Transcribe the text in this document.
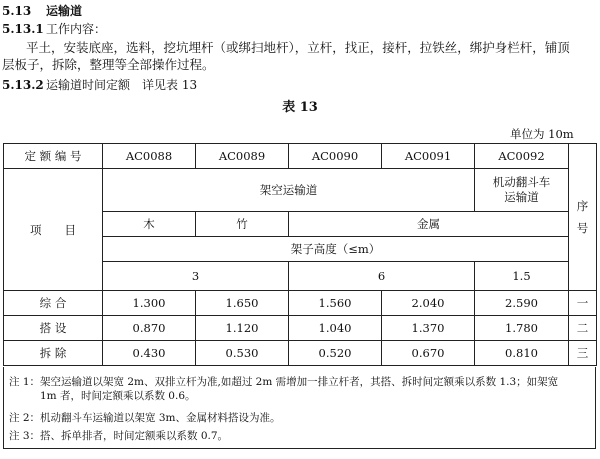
5.13 运输道
5.13.1 工作内容：
平土，安装底座，选料，挖坑埋杆（或绑扫地杆），立杆，找正，接杆，拉铁丝，绑护身栏杆，铺顶
层板子，拆除，整理等全部操作过程。
5.13.2 运输道时间定额　详见表 13
表 13
单位为 10m
定 额 编 号	AC0088	AC0089	AC0090	AC0091	AC0092	序
号
项　　目	架空运输道				机动翻斗车
运输道	
	木	竹	金属			
	架子高度（≤m）					
	3		6		1.5	
综 合	1.300	1.650	1.560	2.040	2.590	一
搭 设	0.870	1.120	1.040	1.370	1.780	二
拆 除	0.430	0.530	0.520	0.670	0.810	三
注 1：架空运输道以架宽 2m、双排立杆为准,如超过 2m 需增加一排立杆者，其搭、拆时间定额乘以系数 1.3；如架宽
1m 者，时间定额乘以系数 0.6。
注 2：机动翻斗车运输道以架宽 3m、金属材料搭设为准。
注 3：搭、拆单排者，时间定额乘以系数 0.7。
